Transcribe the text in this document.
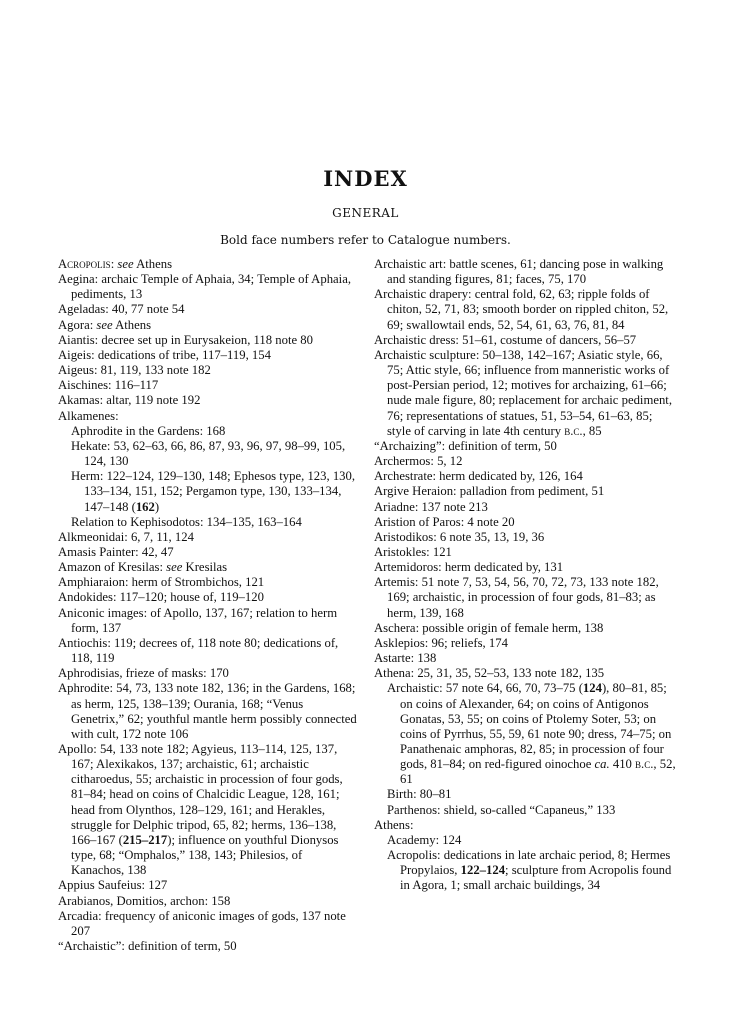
INDEX
GENERAL
Bold face numbers refer to Catalogue numbers.

Acropolis: see Athens

Aegina: archaic Temple of Aphaia, 34; Temple of Aphaia, pediments, 13

Ageladas: 40, 77 note 54

Agora: see Athens

Aiantis: decree set up in Eurysakeion, 118 note 80

Aigeis: dedications of tribe, 117–119, 154

Aigeus: 81, 119, 133 note 182

Aischines: 116–117

Akamas: altar, 119 note 192

Alkamenes:

Aphrodite in the Gardens: 168

Hekate: 53, 62–63, 66, 86, 87, 93, 96, 97, 98–99, 105, 124, 130

Herm: 122–124, 129–130, 148; Ephesos type, 123, 130, 133–134, 151, 152; Pergamon type, 130, 133–134, 147–148 (162)

Relation to Kephisodotos: 134–135, 163–164

Alkmeonidai: 6, 7, 11, 124

Amasis Painter: 42, 47

Amazon of Kresilas: see Kresilas

Amphiaraion: herm of Strombichos, 121

Andokides: 117–120; house of, 119–120

Aniconic images: of Apollo, 137, 167; relation to herm form, 137

Antiochis: 119; decrees of, 118 note 80; dedications of, 118, 119

Aphrodisias, frieze of masks: 170

Aphrodite: 54, 73, 133 note 182, 136; in the Gardens, 168; as herm, 125, 138–139; Ourania, 168; “Venus Genetrix,” 62; youthful mantle herm possibly connected with cult, 172 note 106

Apollo: 54, 133 note 182; Agyieus, 113–114, 125, 137, 167; Alexikakos, 137; archaistic, 61; archaistic citharoedus, 55; archaistic in procession of four gods, 81–84; head on coins of Chalcidic League, 128, 161; head from Olynthos, 128–129, 161; and Herakles, struggle for Delphic tripod, 65, 82; herms, 136–138, 166–167 (215–217); influence on youthful Dionysos type, 68; “Omphalos,” 138, 143; Philesios, of Kanachos, 138

Appius Saufeius: 127

Arabianos, Domitios, archon: 158

Arcadia: frequency of aniconic images of gods, 137 note 207

“Archaistic”: definition of term, 50

Archaistic art: battle scenes, 61; dancing pose in walking and standing figures, 81; faces, 75, 170

Archaistic drapery: central fold, 62, 63; ripple folds of chiton, 52, 71, 83; smooth border on rippled chiton, 52, 69; swallowtail ends, 52, 54, 61, 63, 76, 81, 84

Archaistic dress: 51–61, costume of dancers, 56–57

Archaistic sculpture: 50–138, 142–167; Asiatic style, 66, 75; Attic style, 66; influence from manneristic works of post-Persian period, 12; motives for archaizing, 61–66; nude male figure, 80; replacement for archaic pediment, 76; representations of statues, 51, 53–54, 61–63, 85; style of carving in late 4th century b.c., 85

“Archaizing”: definition of term, 50

Archermos: 5, 12

Archestrate: herm dedicated by, 126, 164

Argive Heraion: palladion from pediment, 51

Ariadne: 137 note 213

Aristion of Paros: 4 note 20

Aristodikos: 6 note 35, 13, 19, 36

Aristokles: 121

Artemidoros: herm dedicated by, 131

Artemis: 51 note 7, 53, 54, 56, 70, 72, 73, 133 note 182, 169; archaistic, in procession of four gods, 81–83; as herm, 139, 168

Aschera: possible origin of female herm, 138

Asklepios: 96; reliefs, 174

Astarte: 138

Athena: 25, 31, 35, 52–53, 133 note 182, 135

Archaistic: 57 note 64, 66, 70, 73–75 (124), 80–81, 85; on coins of Alexander, 64; on coins of Antigonos Gonatas, 53, 55; on coins of Ptolemy Soter, 53; on coins of Pyrrhus, 55, 59, 61 note 90; dress, 74–75; on Panathenaic amphoras, 82, 85; in procession of four gods, 81–84; on red-figured oinochoe ca. 410 b.c., 52, 61

Birth: 80–81

Parthenos: shield, so-called “Capaneus,” 133

Athens:

Academy: 124

Acropolis: dedications in late archaic period, 8; Hermes Propylaios, 122–124; sculpture from Acropolis found in Agora, 1; small archaic buildings, 34
